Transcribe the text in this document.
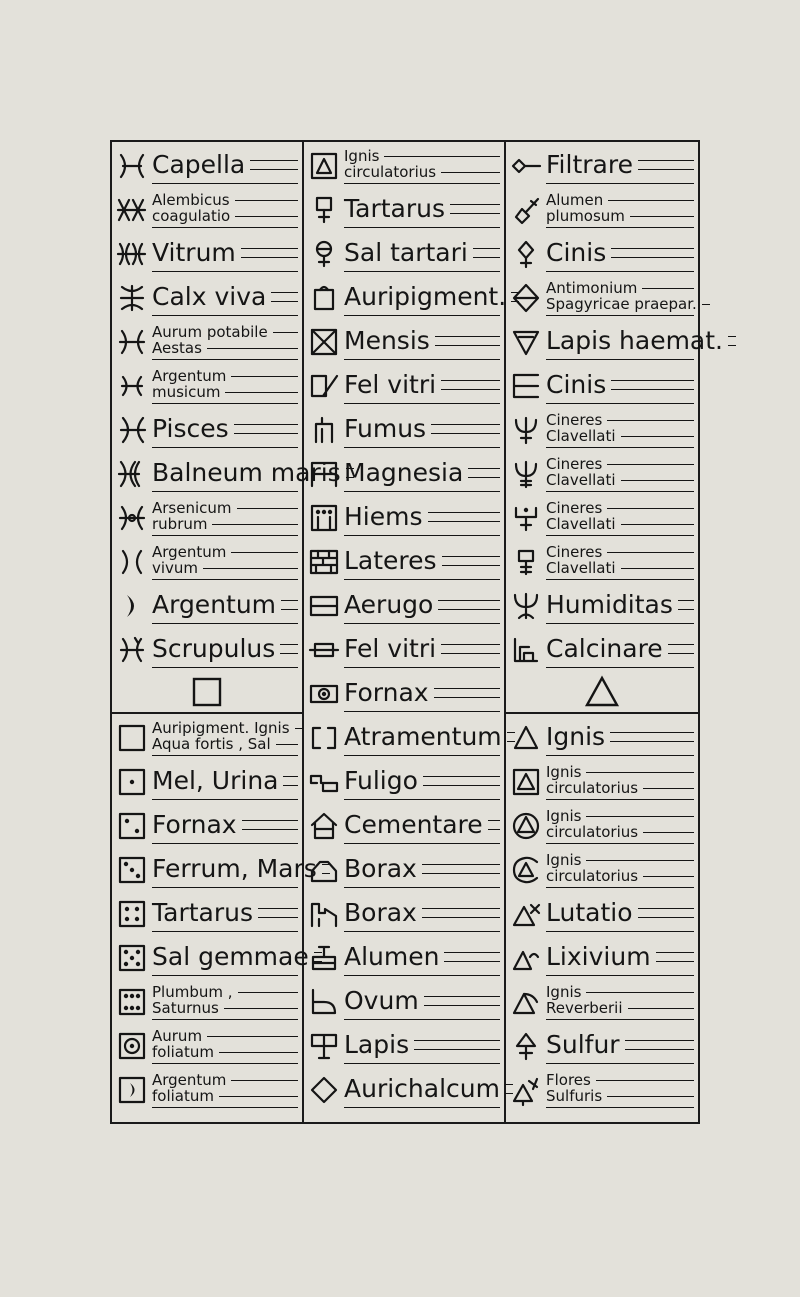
Capella
Alembicus
coagulatio
Vitrum
Calx viva
Aurum potabile
Aestas
Argentum
musicum
Pisces
Balneum maris
Arsenicum
rubrum
Argentum
vivum
Argentum
Scrupulus
Auripigment. Ignis
Aqua fortis , Sal
Mel, Urina
Fornax
Ferrum, Mars
Tartarus
Sal gemmae
Plumbum ,
Saturnus
Aurum
foliatum
Argentum
foliatum
Ignis
circulatorius
Tartarus
Sal tartari
Auripigment.
Mensis
Fel vitri
Fumus
Magnesia
Hiems
Lateres
Aerugo
Fel vitri
Fornax
Atramentum
Fuligo
Cementare
Borax
Borax
Alumen
Ovum
Lapis
Aurichalcum
Filtrare
Alumen
plumosum
Cinis
Antimonium
Spagyricae praepar.
Lapis haemat.
Cinis
Cineres
Clavellati
Cineres
Clavellati
Cineres
Clavellati
Cineres
Clavellati
Humiditas
Calcinare
Ignis
Ignis
circulatorius
Ignis
circulatorius
Ignis
circulatorius
Lutatio
Lixivium
Ignis
Reverberii
Sulfur
Flores
Sulfuris
